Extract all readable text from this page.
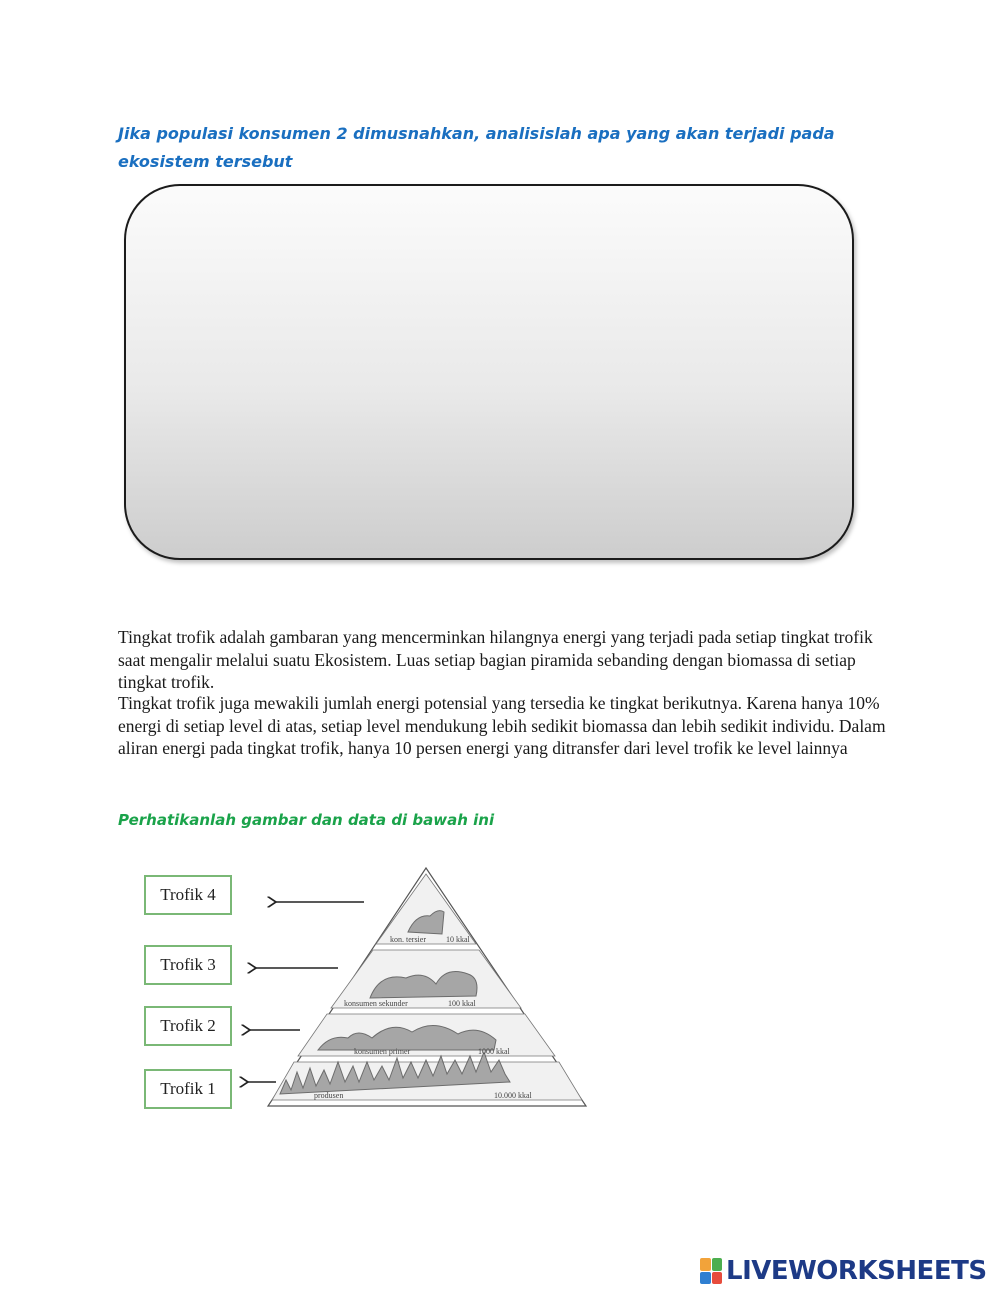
Jika populasi konsumen 2 dimusnahkan, analisislah apa yang akan terjadi pada ekosistem tersebut

Tingkat trofik adalah gambaran yang mencerminkan hilangnya energi yang terjadi pada setiap tingkat trofik saat mengalir melalui suatu Ekosistem. Luas setiap bagian piramida sebanding dengan biomassa di setiap tingkat trofik.

Tingkat trofik juga mewakili jumlah energi potensial yang tersedia ke tingkat berikutnya. Karena hanya 10% energi di setiap level di atas, setiap level mendukung lebih sedikit biomassa dan lebih sedikit individu. Dalam aliran energi pada tingkat trofik, hanya 10 persen energi yang ditransfer dari level trofik ke level lainnya

Perhatikanlah gambar dan data di bawah ini
Trofik 4
Trofik 3
Trofik 2
Trofik 1
kon. tersier	10 kkal
konsumen sekunder	100 kkal
konsumen primer	1000 kkal
produsen	10.000 kkal
LIVEWORKSHEETS
